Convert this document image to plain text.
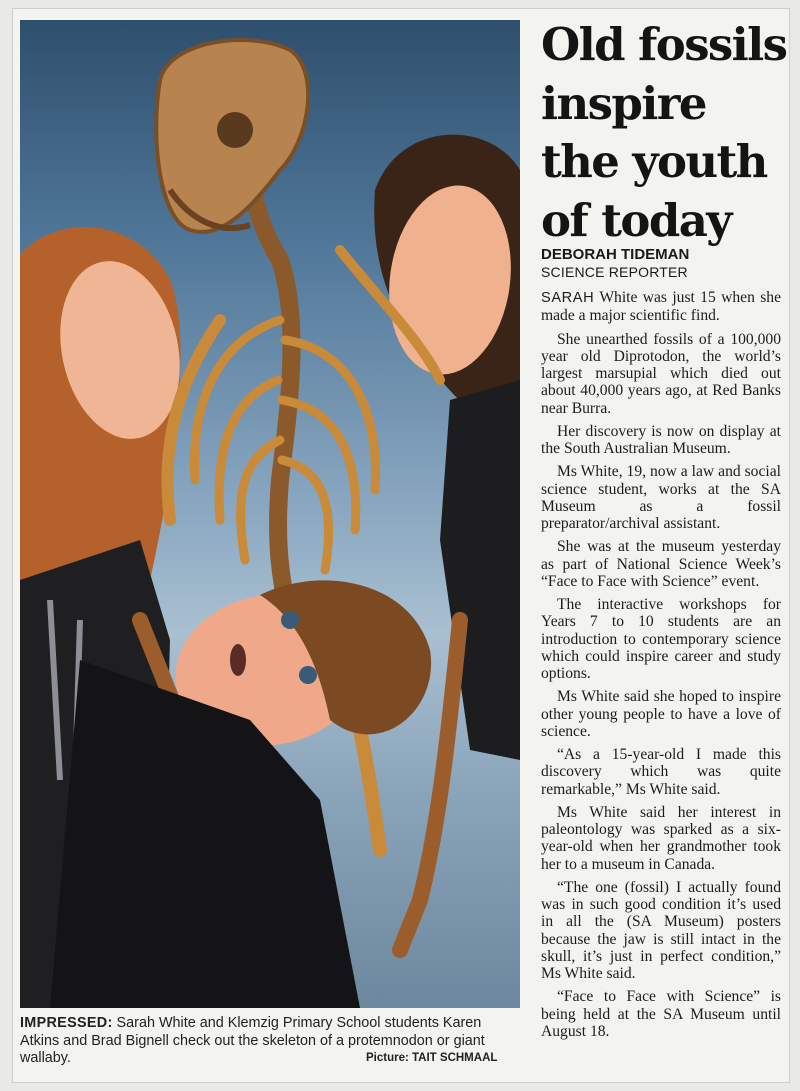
IMPRESSED: Sarah White and Klemzig Primary School students Karen Atkins and Brad Bignell check out the skeleton of a protemnodon or giant wallaby.	Picture: TAIT SCHMAAL
Old fossils
inspire
the youth
of today
DEBORAH TIDEMAN
SCIENCE REPORTER

SARAH White was just 15 when she made a major scientific find.

She unearthed fossils of a 100,000 year old Diprotodon, the world’s largest marsupial which died out about 40,000 years ago, at Red Banks near Burra.

Her discovery is now on display at the South Australian Museum.

Ms White, 19, now a law and social science student, works at the SA Museum as a fossil preparator/archival assistant.

She was at the museum yesterday as part of National Science Week’s “Face to Face with Science” event.

The interactive workshops for Years 7 to 10 students are an introduction to contemporary science which could inspire career and study options.

Ms White said she hoped to inspire other young people to have a love of science.

“As a 15-year-old I made this discovery which was quite remarkable,” Ms White said.

Ms White said her interest in paleontology was sparked as a six-year-old when her grandmother took her to a museum in Canada.

“The one (fossil) I actually found was in such good condition it’s used in all the (SA Museum) posters because the jaw is still intact in the skull, it’s just in perfect condition,” Ms White said.

“Face to Face with Science” is being held at the SA Museum until August 18.
